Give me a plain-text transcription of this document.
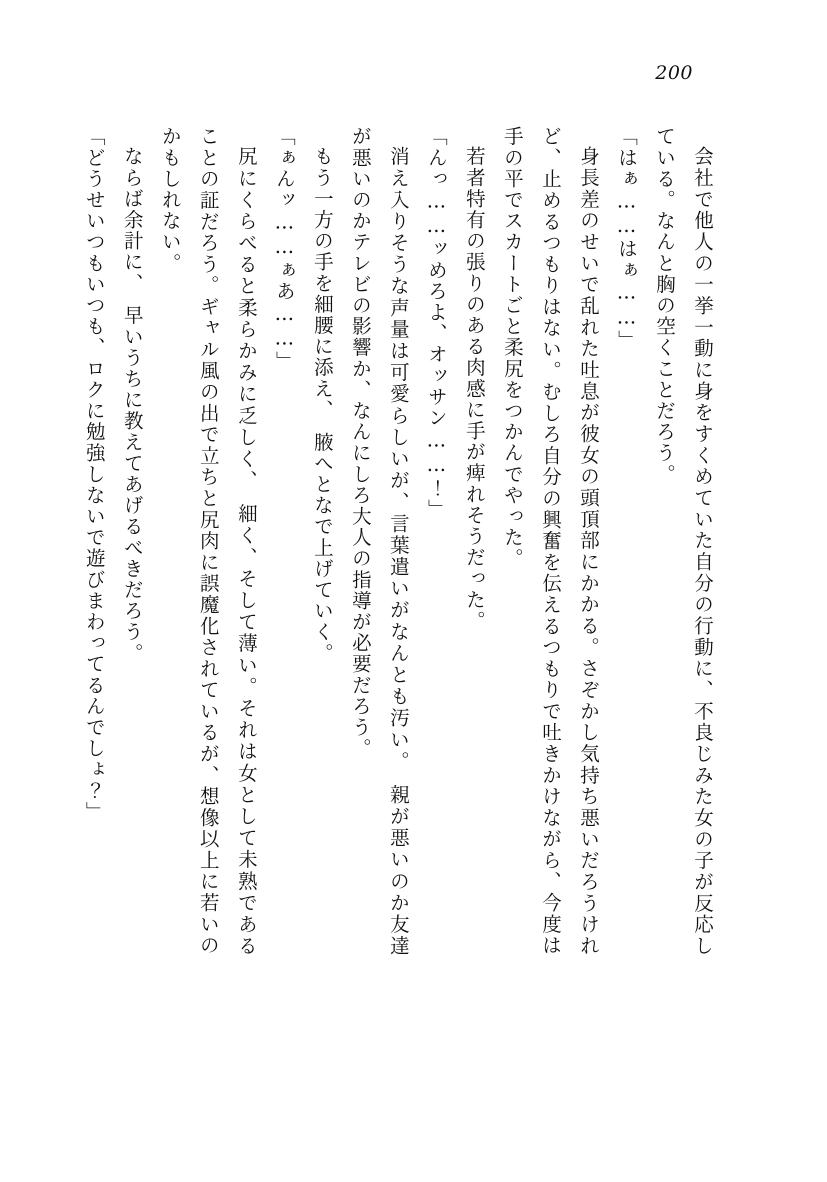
200

会社で他人の一挙一動に身をすくめていた自分の行動に、不良じみた女の子が反応している。なんと胸の空くことだろう。

「はぁ……はぁ……」

身長差のせいで乱れた吐息が彼女の頭頂部にかかる。さぞかし気持ち悪いだろうけれど、止めるつもりはない。むしろ自分の興奮を伝えるつもりで吐きかけながら、今度は手の平でスカートごと柔尻をつかんでやった。

若者特有の張りのある肉感に手が痺れそうだった。

「んっ……ッめろよ、オッサン……！」

消え入りそうな声量は可愛らしいが、言葉遣いがなんとも汚い。　親が悪いのか友達が悪いのかテレビの影響か、なんにしろ大人の指導が必要だろう。

もう一方の手を細腰に添え、　腋へとなで上げていく。

「ぁんッ……ぁあ……」

尻にくらべると柔らかみに乏しく、　細く、そして薄い。それは女として未熟であることの証だろう。ギャル風の出で立ちと尻肉に誤魔化されているが、想像以上に若いのかもしれない。

ならば余計に、　早いうちに教えてあげるべきだろう。

「どうせいつもいつも、ロクに勉強しないで遊びまわってるんでしょ？」
